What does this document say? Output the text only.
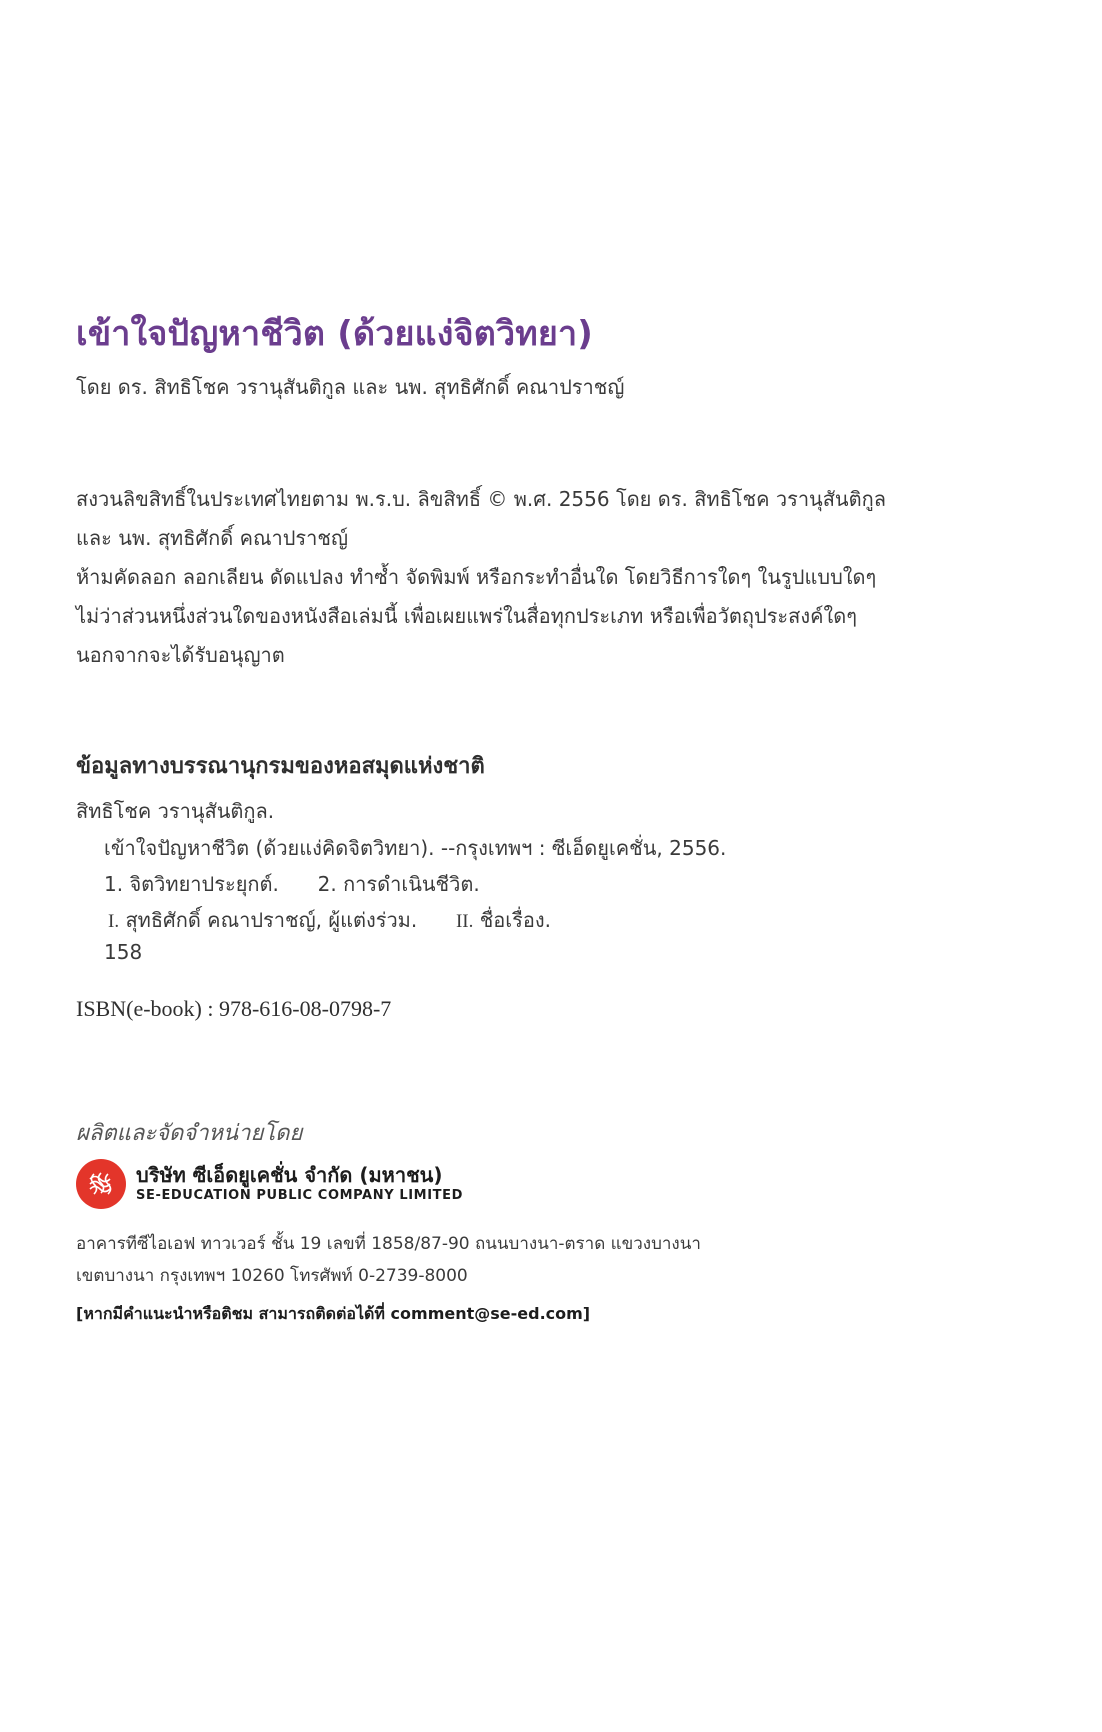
เข้าใจปัญหาชีวิต (ด้วยแง่จิตวิทยา)
โดย ดร. สิทธิโชค วรานุสันติกูล และ นพ. สุทธิศักดิ์ คณาปราชญ์
สงวนลิขสิทธิ์ในประเทศไทยตาม พ.ร.บ. ลิขสิทธิ์ © พ.ศ. 2556 โดย ดร. สิทธิโชค วรานุสันติกูล
และ นพ. สุทธิศักดิ์ คณาปราชญ์
ห้ามคัดลอก ลอกเลียน ดัดแปลง ทำซ้ำ จัดพิมพ์ หรือกระทำอื่นใด โดยวิธีการใดๆ ในรูปแบบใดๆ
ไม่ว่าส่วนหนึ่งส่วนใดของหนังสือเล่มนี้ เพื่อเผยแพร่ในสื่อทุกประเภท หรือเพื่อวัตถุประสงค์ใดๆ
นอกจากจะได้รับอนุญาต
ข้อมูลทางบรรณานุกรมของหอสมุดแห่งชาติ
สิทธิโชค วรานุสันติกูล.
เข้าใจปัญหาชีวิต (ด้วยแง่คิดจิตวิทยา). --กรุงเทพฯ : ซีเอ็ดยูเคชั่น, 2556.
1. จิตวิทยาประยุกต์. 2. การดำเนินชีวิต.
I. สุทธิศักดิ์ คณาปราชญ์, ผู้แต่งร่วม. II. ชื่อเรื่อง.
158
ISBN(e-book) : 978-616-08-0798-7
ผลิตและจัดจำหน่ายโดย
บริษัท ซีเอ็ดยูเคชั่น จำกัด (มหาชน)
SE-EDUCATION PUBLIC COMPANY LIMITED
อาคารทีซีไอเอฟ ทาวเวอร์ ชั้น 19 เลขที่ 1858/87-90 ถนนบางนา-ตราด แขวงบางนา
เขตบางนา กรุงเทพฯ 10260 โทรศัพท์ 0-2739-8000
[หากมีคำแนะนำหรือติชม สามารถติดต่อได้ที่ comment@se-ed.com]
